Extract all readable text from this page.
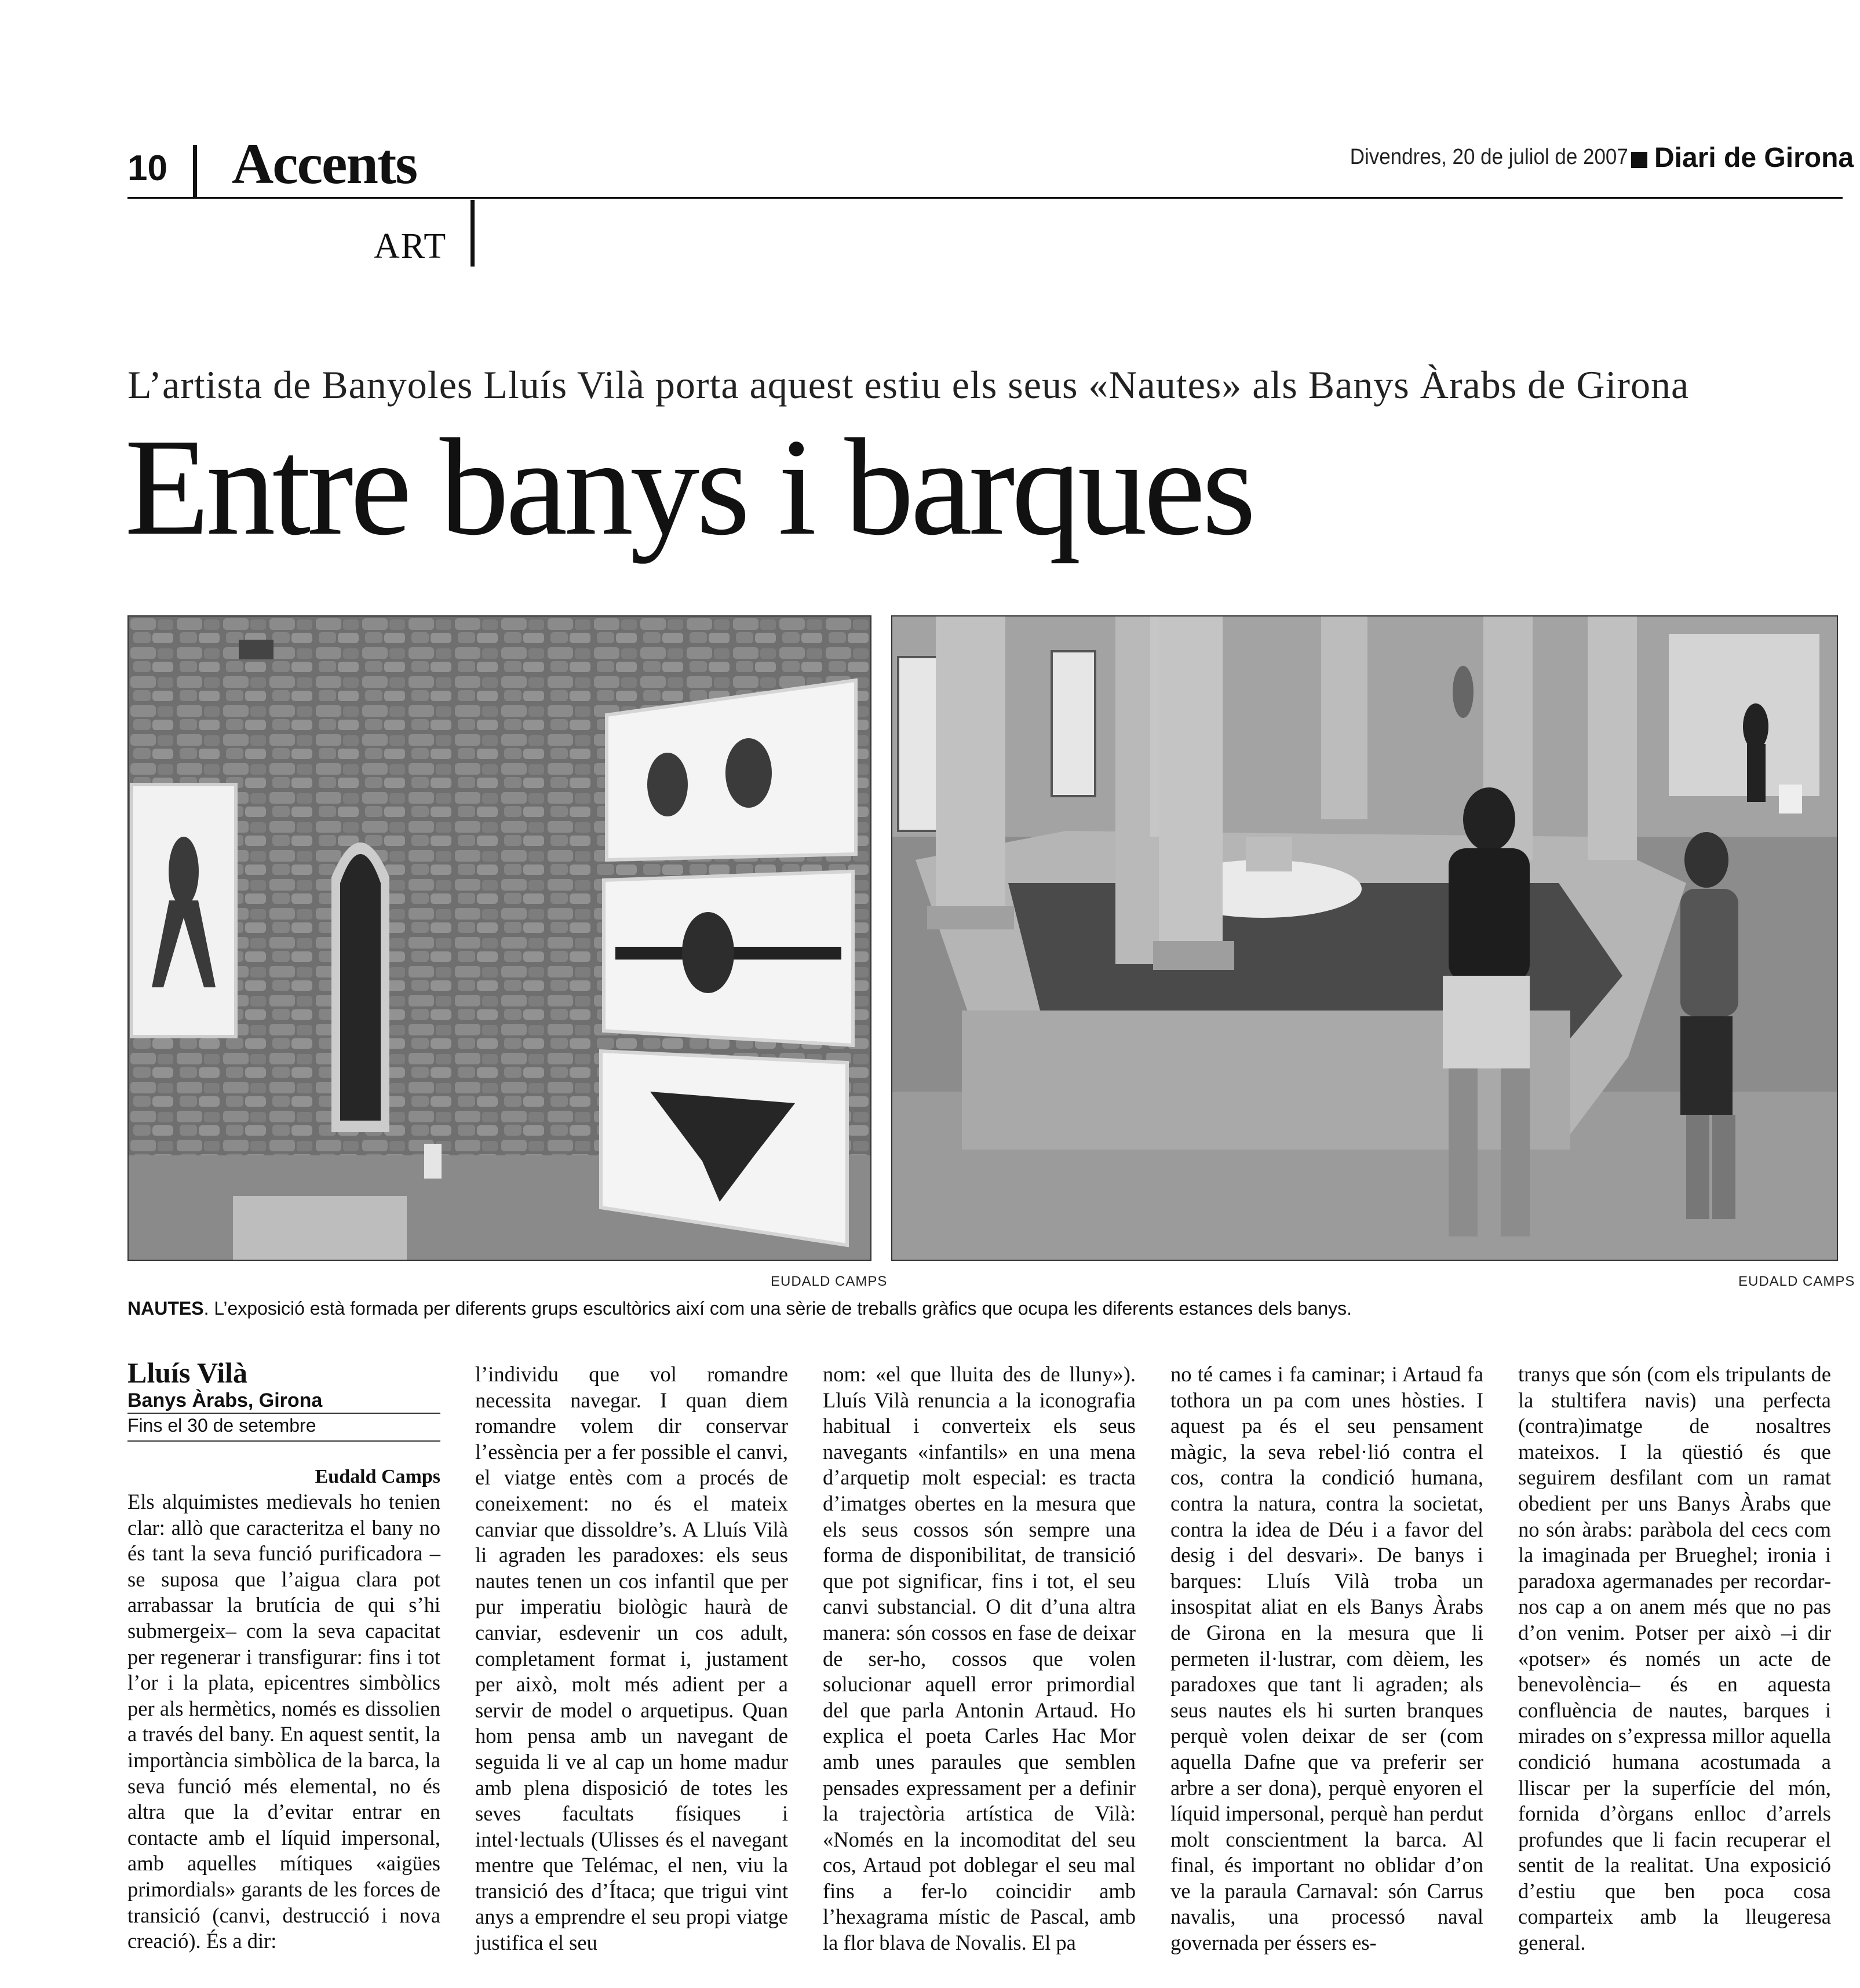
10 Accents	Divendres, 20 de juliol de 2007 Diari de Girona
ART
L’artista de Banyoles Lluís Vilà porta aquest estiu els seus «Nautes» als Banys Àrabs de Girona
Entre banys i barques
EUDALD CAMPS	EUDALD CAMPS
NAUTES. L’exposició està formada per diferents grups escultòrics així com una sèrie de treballs gràfics que ocupa les diferents estances dels banys.
Lluís Vilà
Banys Àrabs, Girona
Fins el 30 de setembre
Eudald Camps

Els alquimistes medievals ho tenien clar: allò que caracteritza el bany no és tant la seva funció purificadora –se suposa que l’aigua clara pot arrabassar la brutícia de qui s’hi submergeix– com la seva capacitat per regenerar i transfigurar: fins i tot l’or i la plata, epicentres simbòlics per als hermètics, només es dissolien a través del bany. En aquest sentit, la importància simbòlica de la barca, la seva funció més elemental, no és altra que la d’evitar entrar en contacte amb el líquid impersonal, amb aquelles mítiques «aigües primordials» garants de les forces de transició (canvi, destrucció i nova creació). És a dir:

l’individu que vol romandre necessita navegar. I quan diem romandre volem dir conservar l’essència per a fer possible el canvi, el viatge entès com a procés de coneixement: no és el mateix canviar que dissoldre’s. A Lluís Vilà li agraden les paradoxes: els seus nautes tenen un cos infantil que per pur imperatiu biològic haurà de canviar, esdevenir un cos adult, completament format i, justament per això, molt més adient per a servir de model o arquetipus. Quan hom pensa amb un navegant de seguida li ve al cap un home madur amb plena disposició de totes les seves facultats físiques i intel·lectuals (Ulisses és el navegant mentre que Telémac, el nen, viu la transició des d’Ítaca; que trigui vint anys a emprendre el seu propi viatge justifica el seu

nom: «el que lluita des de lluny»). Lluís Vilà renuncia a la iconografia habitual i converteix els seus navegants «infantils» en una mena d’arquetip molt especial: es tracta d’imatges obertes en la mesura que els seus cossos són sempre una forma de disponibilitat, de transició que pot significar, fins i tot, el seu canvi substancial. O dit d’una altra manera: són cossos en fase de deixar de ser-ho, cossos que volen solucionar aquell error primordial del que parla Antonin Artaud. Ho explica el poeta Carles Hac Mor amb unes paraules que semblen pensades expressament per a definir la trajectòria artística de Vilà: «Només en la incomoditat del seu cos, Artaud pot doblegar el seu mal fins a fer-lo coincidir amb l’hexagrama místic de Pascal, amb la flor blava de Novalis. El pa

no té cames i fa caminar; i Artaud fa tothora un pa com unes hòsties. I aquest pa és el seu pensament màgic, la seva rebel·lió contra el cos, contra la condició humana, contra la natura, contra la societat, contra la idea de Déu i a favor del desig i del desvari». De banys i barques: Lluís Vilà troba un insospitat aliat en els Banys Àrabs de Girona en la mesura que li permeten il·lustrar, com dèiem, les paradoxes que tant li agraden; als seus nautes els hi surten branques perquè volen deixar de ser (com aquella Dafne que va preferir ser arbre a ser dona), perquè enyoren el líquid impersonal, perquè han perdut molt conscientment la barca. Al final, és important no oblidar d’on ve la paraula Carnaval: són Carrus navalis, una processó naval governada per éssers es-

tranys que són (com els tripulants de la stultifera navis) una perfecta (contra)imatge de nosaltres mateixos. I la qüestió és que seguirem desfilant com un ramat obedient per uns Banys Àrabs que no són àrabs: paràbola del cecs com la imaginada per Brueghel; ironia i paradoxa agermanades per recordar-nos cap a on anem més que no pas d’on venim. Potser per això –i dir «potser» és només un acte de benevolència– és en aquesta confluència de nautes, barques i mirades on s’expressa millor aquella condició humana acostumada a lliscar per la superfície del món, fornida d’òrgans enlloc d’arrels profundes que li facin recuperar el sentit de la realitat. Una exposició d’estiu que ben poca cosa comparteix amb la lleugeresa general.
